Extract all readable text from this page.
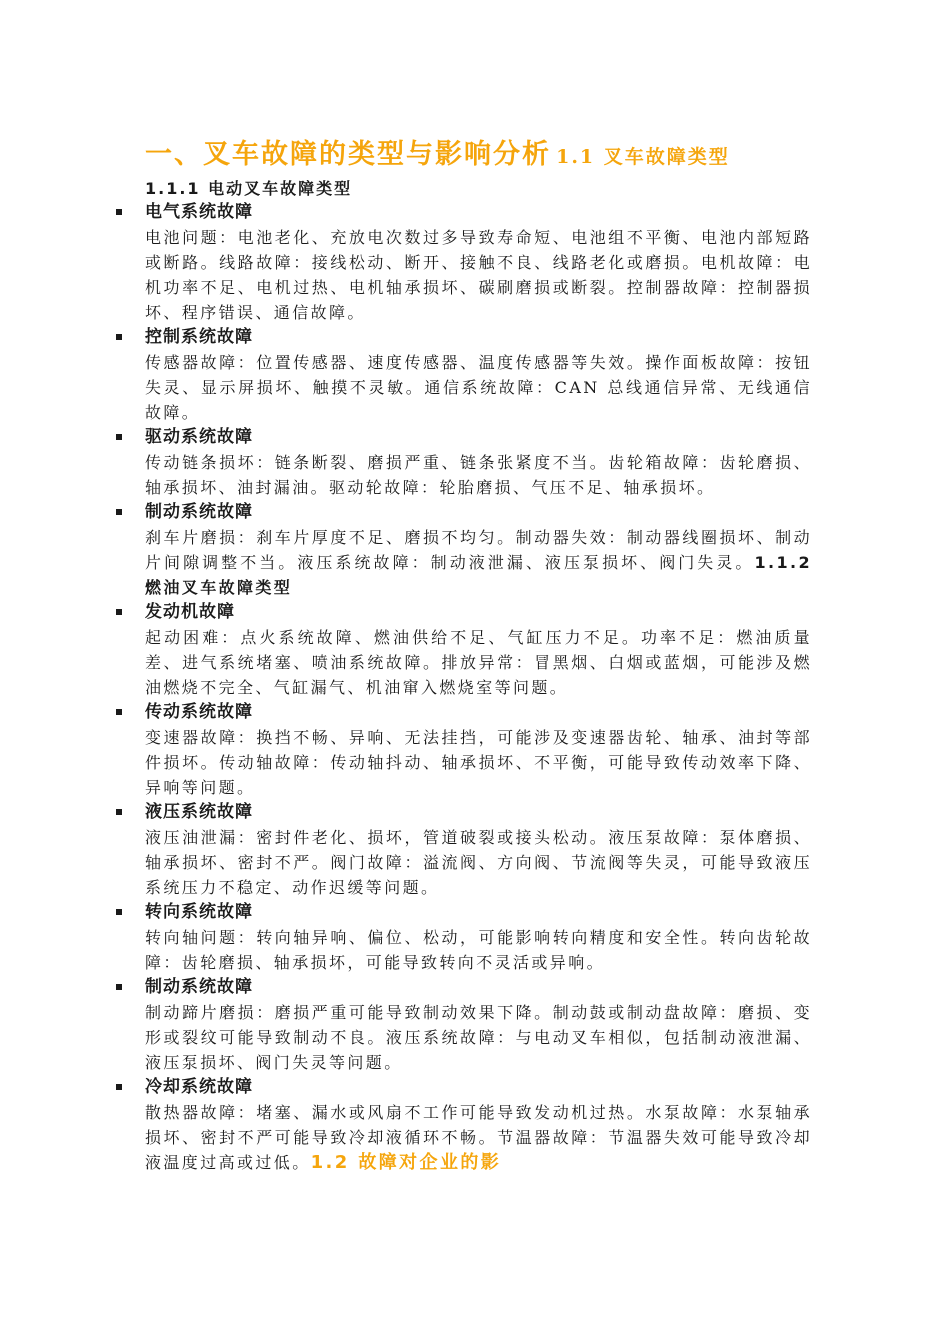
一、叉车故障的类型与影响分析 1.1 叉车故障类型
1.1.1 电动叉车故障类型
电气系统故障
电池问题：电池老化、充放电次数过多导致寿命短、电池组不平衡、电池内部短路或断路。线路故障：接线松动、断开、接触不良、线路老化或磨损。电机故障：电机功率不足、电机过热、电机轴承损坏、碳刷磨损或断裂。控制器故障：控制器损坏、程序错误、通信故障。
控制系统故障
传感器故障：位置传感器、速度传感器、温度传感器等失效。操作面板故障：按钮失灵、显示屏损坏、触摸不灵敏。通信系统故障：CAN 总线通信异常、无线通信故障。
驱动系统故障
传动链条损坏：链条断裂、磨损严重、链条张紧度不当。齿轮箱故障：齿轮磨损、轴承损坏、油封漏油。驱动轮故障：轮胎磨损、气压不足、轴承损坏。
制动系统故障
刹车片磨损：刹车片厚度不足、磨损不均匀。制动器失效：制动器线圈损坏、制动片间隙调整不当。液压系统故障：制动液泄漏、液压泵损坏、阀门失灵。1.1.2 燃油叉车故障类型
发动机故障
起动困难：点火系统故障、燃油供给不足、气缸压力不足。功率不足：燃油质量差、进气系统堵塞、喷油系统故障。排放异常：冒黑烟、白烟或蓝烟，可能涉及燃油燃烧不完全、气缸漏气、机油窜入燃烧室等问题。
传动系统故障
变速器故障：换挡不畅、异响、无法挂挡，可能涉及变速器齿轮、轴承、油封等部件损坏。传动轴故障：传动轴抖动、轴承损坏、不平衡，可能导致传动效率下降、异响等问题。
液压系统故障
液压油泄漏：密封件老化、损坏，管道破裂或接头松动。液压泵故障：泵体磨损、轴承损坏、密封不严。阀门故障：溢流阀、方向阀、节流阀等失灵，可能导致液压系统压力不稳定、动作迟缓等问题。
转向系统故障
转向轴问题：转向轴异响、偏位、松动，可能影响转向精度和安全性。转向齿轮故障：齿轮磨损、轴承损坏，可能导致转向不灵活或异响。
制动系统故障
制动蹄片磨损：磨损严重可能导致制动效果下降。制动鼓或制动盘故障：磨损、变形或裂纹可能导致制动不良。液压系统故障：与电动叉车相似，包括制动液泄漏、液压泵损坏、阀门失灵等问题。
冷却系统故障
散热器故障：堵塞、漏水或风扇不工作可能导致发动机过热。水泵故障：水泵轴承损坏、密封不严可能导致冷却液循环不畅。节温器故障：节温器失效可能导致冷却液温度过高或过低。1.2 故障对企业的影
